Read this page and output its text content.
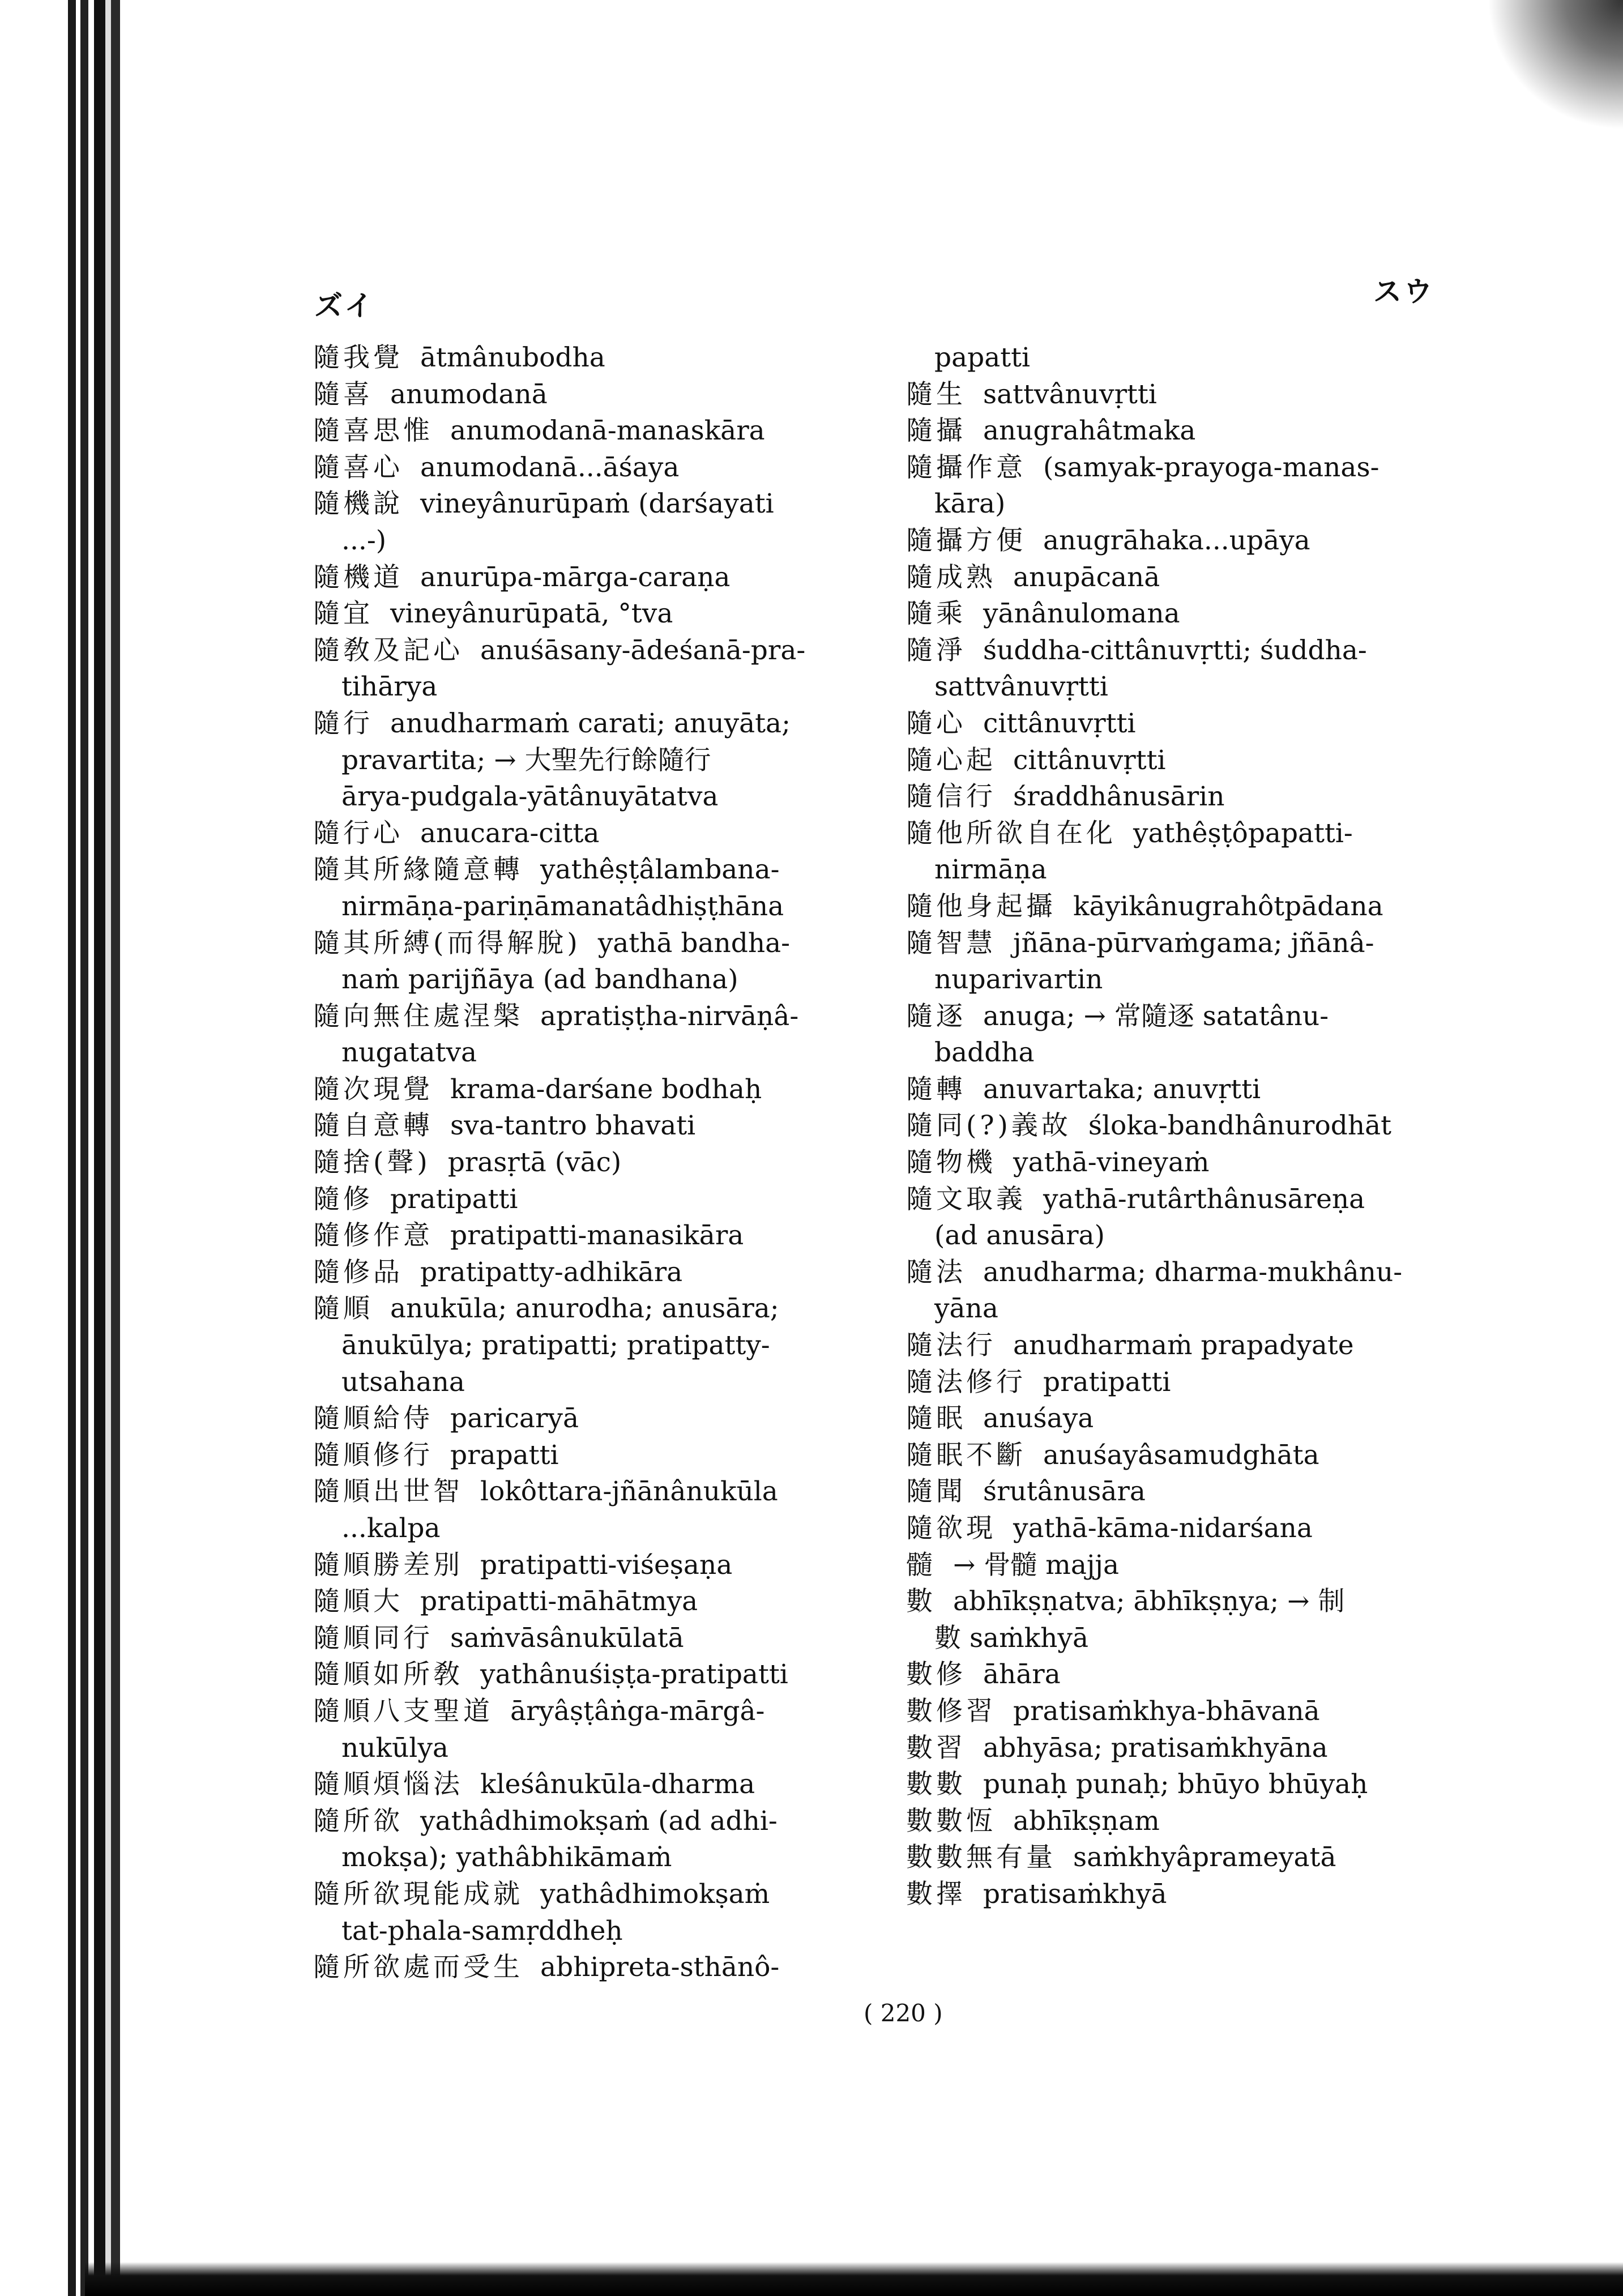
ズイ	スウ
隨我覺 ātmânubodha
隨喜 anumodanā
隨喜思惟 anumodanā-manaskāra
隨喜心 anumodanā...āśaya
隨機說 vineyânurūpaṁ (darśayati
...-)
隨機道 anurūpa-mārga-caraṇa
隨宜 vineyânurūpatā, °tva
隨敎及記心 anuśāsany-ādeśanā-pra-
tihārya
隨行 anudharmaṁ carati; anuyāta;
pravartita; → 大聖先行餘隨行
ārya-pudgala-yātânuyātatva
隨行心 anucara-citta
隨其所緣隨意轉 yathêṣṭâlambana-
nirmāṇa-pariṇāmanatâdhiṣṭhāna
隨其所縛(而得解脫) yathā bandha-
naṁ parijñāya (ad bandhana)
隨向無住處涅槃 apratiṣṭha-nirvāṇâ-
nugatatva
隨次現覺 krama-darśane bodhaḥ
隨自意轉 sva-tantro bhavati
隨捨(聲) prasṛtā (vāc)
隨修 pratipatti
隨修作意 pratipatti-manasikāra
隨修品 pratipatty-adhikāra
隨順 anukūla; anurodha; anusāra;
ānukūlya; pratipatti; pratipatty-
utsahana
隨順給侍 paricaryā
隨順修行 prapatti
隨順出世智 lokôttara-jñānânukūla
...kalpa
隨順勝差別 pratipatti-viśeṣaṇa
隨順大 pratipatti-māhātmya
隨順同行 saṁvāsânukūlatā
隨順如所敎 yathânuśiṣṭa-pratipatti
隨順八支聖道 āryâṣṭâṅga-mārgâ-
nukūlya
隨順煩惱法 kleśânukūla-dharma
隨所欲 yathâdhimokṣaṁ (ad adhi-
mokṣa); yathâbhikāmaṁ
隨所欲現能成就 yathâdhimokṣaṁ
tat-phala-samṛddheḥ
隨所欲處而受生 abhipreta-sthānô-
papatti
隨生 sattvânuvṛtti
隨攝 anugrahâtmaka
隨攝作意 (samyak-prayoga-manas-
kāra)
隨攝方便 anugrāhaka...upāya
隨成熟 anupācanā
隨乘 yānânulomana
隨淨 śuddha-cittânuvṛtti; śuddha-
sattvânuvṛtti
隨心 cittânuvṛtti
隨心起 cittânuvṛtti
隨信行 śraddhânusārin
隨他所欲自在化 yathêṣṭôpapatti-
nirmāṇa
隨他身起攝 kāyikânugrahôtpādana
隨智慧 jñāna-pūrvaṁgama; jñānâ-
nuparivartin
隨逐 anuga; → 常隨逐 satatânu-
baddha
隨轉 anuvartaka; anuvṛtti
隨同(?)義故 śloka-bandhânurodhāt
隨物機 yathā-vineyaṁ
隨文取義 yathā-rutârthânusāreṇa
(ad anusāra)
隨法 anudharma; dharma-mukhânu-
yāna
隨法行 anudharmaṁ prapadyate
隨法修行 pratipatti
隨眠 anuśaya
隨眠不斷 anuśayâsamudghāta
隨聞 śrutânusāra
隨欲現 yathā-kāma-nidarśana
髓 → 骨髓 majja
數 abhīkṣṇatva; ābhīkṣṇya; → 制
數 saṁkhyā
數修 āhāra
數修習 pratisaṁkhya-bhāvanā
數習 abhyāsa; pratisaṁkhyāna
數數 punaḥ punaḥ; bhūyo bhūyaḥ
數數恆 abhīkṣṇam
數數無有量 saṁkhyâprameyatā
數擇 pratisaṁkhyā
( 220 )
